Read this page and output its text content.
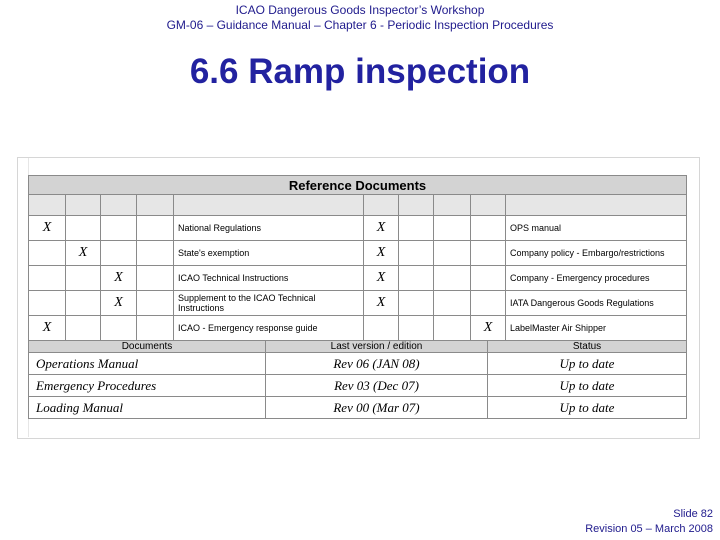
ICAO Dangerous Goods Inspector’s Workshop
GM-06 – Guidance Manual – Chapter 6 - Periodic Inspection Procedures
6.6 Ramp inspection
Reference Documents									

X				National Regulations	X				OPS manual
	X			State's exemption	X				Company policy - Embargo/restrictions
		X		ICAO Technical Instructions	X				Company - Emergency procedures
		X		Supplement to the ICAO Technical Instructions	X				IATA Dangerous Goods Regulations
X				ICAO - Emergency response guide				X	LabelMaster Air Shipper
Documents	Last version / edition	Status
Operations Manual	Rev 06 (JAN 08)	Up to date
Emergency Procedures	Rev 03 (Dec 07)	Up to date
Loading Manual	Rev 00 (Mar 07)	Up to date
Slide 82
Revision 05 – March 2008
